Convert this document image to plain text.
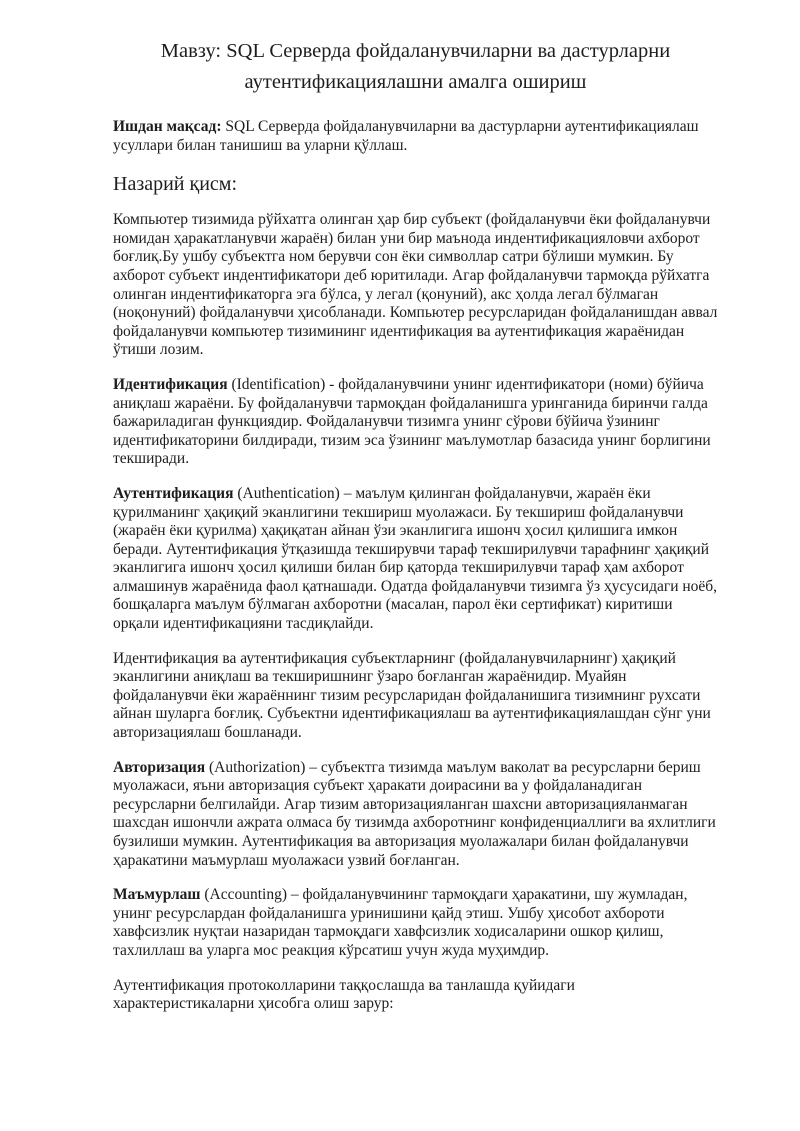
Мавзу: SQL Серверда фойдаланувчиларни ва дастурларни аутентификациялашни амалга ошириш

Ишдан мақсад: SQL Серверда фойдаланувчиларни ва дастурларни аутентификациялаш усуллари билан танишиш ва уларни қўллаш.

Назарий қисм:

Компьютер тизимида рўйхатга олинган ҳар бир субъект (фойдаланувчи ёки фойдаланувчи номидан ҳаракатланувчи жараён) билан уни бир маънода индентификацияловчи ахборот боғлиқ.Бу ушбу субъектга ном берувчи сон ёки символлар сатри бўлиши мумкин. Бу ахборот субъект индентификатори деб юритилади. Агар фойдаланувчи тармоқда рўйхатга олинган индентификаторга эга бўлса, у легал (қонуний), акс ҳолда легал бўлмаган (ноқонуний) фойдаланувчи ҳисобланади. Компьютер ресурсларидан фойдаланишдан аввал фойдаланувчи компьютер тизимининг идентификация ва аутентификация жараёнидан ўтиши лозим.

Идентификация (Identification) - фойдаланувчини унинг идентификатори (номи) бўйича аниқлаш жараёни. Бу фойдаланувчи тармоқдан фойдаланишга уринганида биринчи галда бажариладиган функциядир. Фойдаланувчи тизимга унинг сўрови бўйича ўзининг идентификаторини билдиради, тизим эса ўзининг маълумотлар базасида унинг борлигини текширади.

Аутентификация (Authentication) – маълум қилинган фойдаланувчи, жараён ёки қурилманинг ҳақиқий эканлигини текшириш муолажаси. Бу текшириш фойдаланувчи (жараён ёки қурилма) ҳақиқатан айнан ўзи эканлигига ишонч ҳосил қилишига имкон беради. Аутентификация ўтқазишда текширувчи тараф текширилувчи тарафнинг ҳақиқий эканлигига ишонч ҳосил қилиши билан бир қаторда текширилувчи тараф ҳам ахборот алмашинув жараёнида фаол қатнашади. Одатда фойдаланувчи тизимга ўз ҳусусидаги ноёб, бошқаларга маълум бўлмаган ахборотни (масалан, парол ёки сертификат) киритиши орқали идентификацияни тасдиқлайди.

Идентификация ва аутентификация субъектларнинг (фойдаланувчиларнинг) ҳақиқий эканлигини аниқлаш ва текширишнинг ўзаро боғланган жараёнидир. Муайян фойдаланувчи ёки жараённинг тизим ресурсларидан фойдаланишига тизимнинг рухсати айнан шуларга боғлиқ. Субъектни идентификациялаш ва аутентификациялашдан сўнг уни авторизациялаш бошланади.

Авторизация (Authorization) – субъектга тизимда маълум ваколат ва ресурсларни бериш муолажаси, яъни авторизация субъект ҳаракати доирасини ва у фойдаланадиган ресурсларни белгилайди. Агар тизим авторизацияланган шахсни авторизацияланмаган шахсдан ишончли ажрата олмаса бу тизимда ахборотнинг конфиденциаллиги ва яхлитлиги бузилиши мумкин. Аутентификация ва авторизация муолажалари билан фойдаланувчи ҳаракатини маъмурлаш муолажаси узвий боғланган.

Маъмурлаш (Accounting) – фойдаланувчининг тармоқдаги ҳаракатини, шу жумладан, унинг ресурслардан фойдаланишга уринишини қайд этиш. Ушбу ҳисобот ахбороти хавфсизлик нуқтаи назаридан тармоқдаги хавфсизлик ходисаларини ошкор қилиш, тахлиллаш ва уларга мос реакция кўрсатиш учун жуда муҳимдир.

Аутентификация протоколларини таққослашда ва танлашда қуйидаги характеристикаларни ҳисобга олиш зарур:
